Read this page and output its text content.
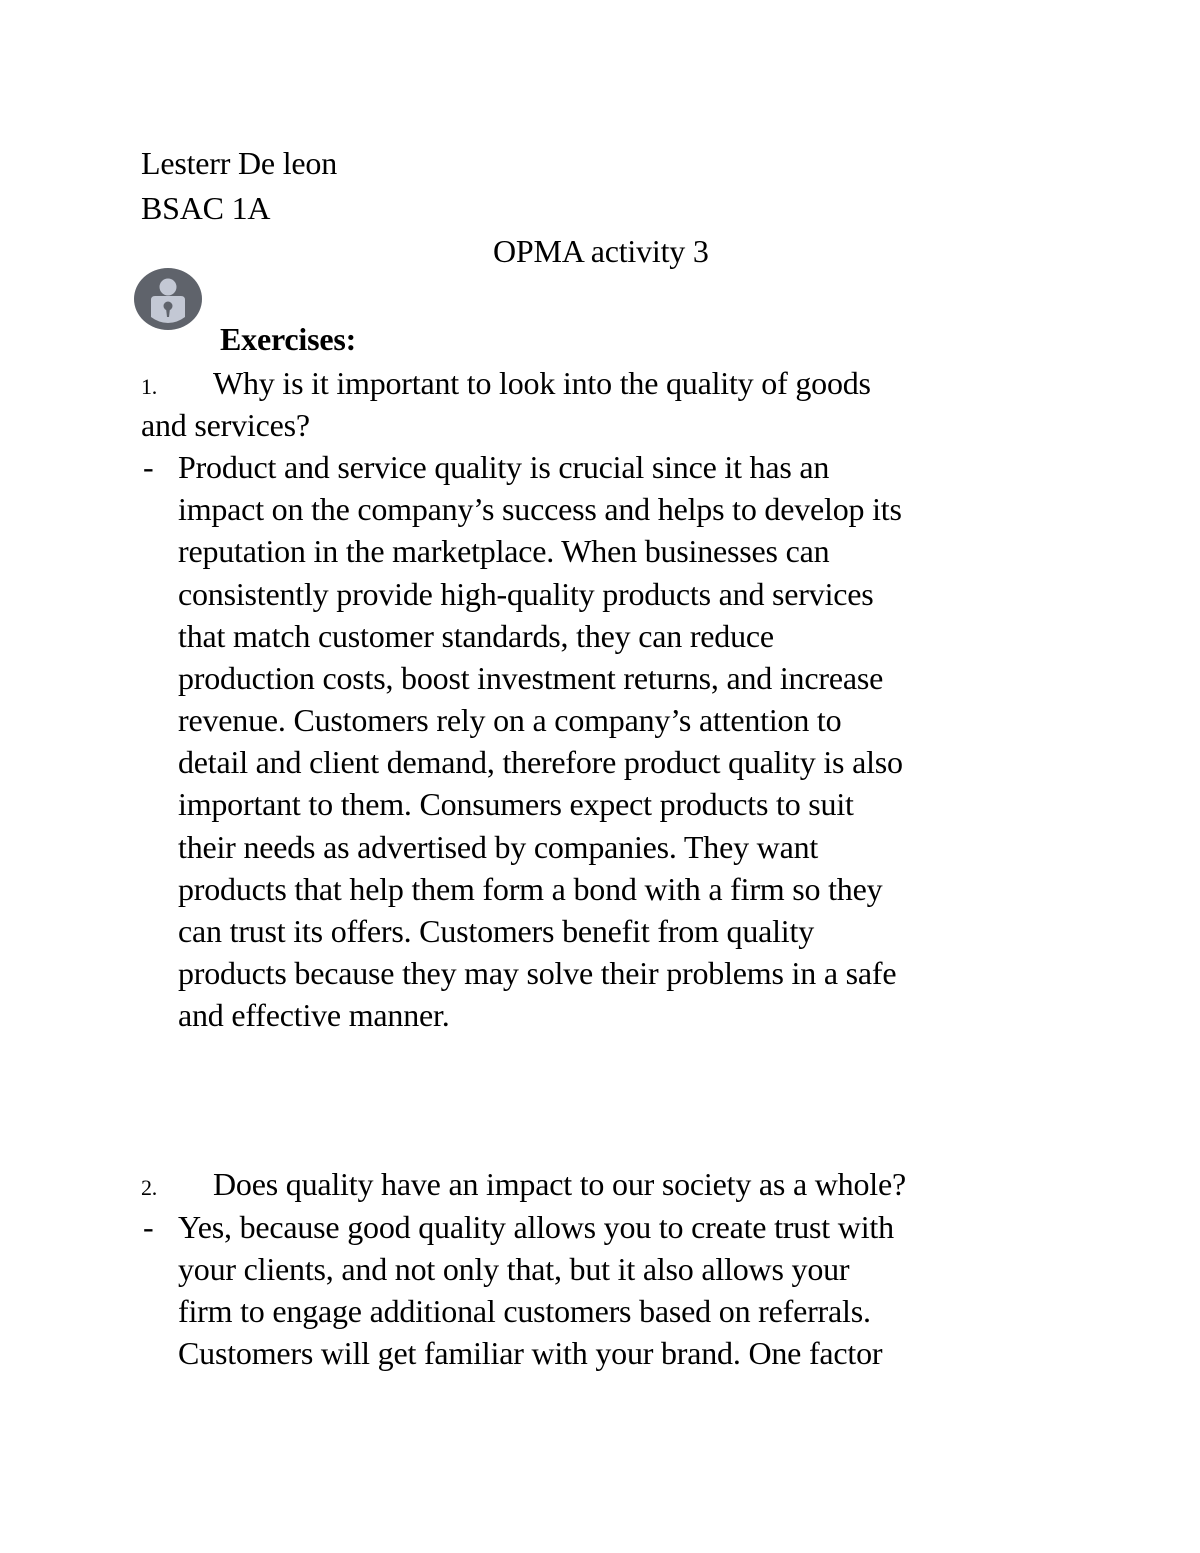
Lesterr De leon
BSAC 1A
OPMA activity 3
Exercises:
1. Why is it important to look into the quality of goods
and services?
- Product and service quality is crucial since it has an
impact on the company’s success and helps to develop its
reputation in the marketplace. When businesses can
consistently provide high-quality products and services
that match customer standards, they can reduce
production costs, boost investment returns, and increase
revenue. Customers rely on a company’s attention to
detail and client demand, therefore product quality is also
important to them. Consumers expect products to suit
their needs as advertised by companies. They want
products that help them form a bond with a firm so they
can trust its offers. Customers benefit from quality
products because they may solve their problems in a safe
and effective manner.
2. Does quality have an impact to our society as a whole?
- Yes, because good quality allows you to create trust with
your clients, and not only that, but it also allows your
firm to engage additional customers based on referrals.
Customers will get familiar with your brand. One factor
